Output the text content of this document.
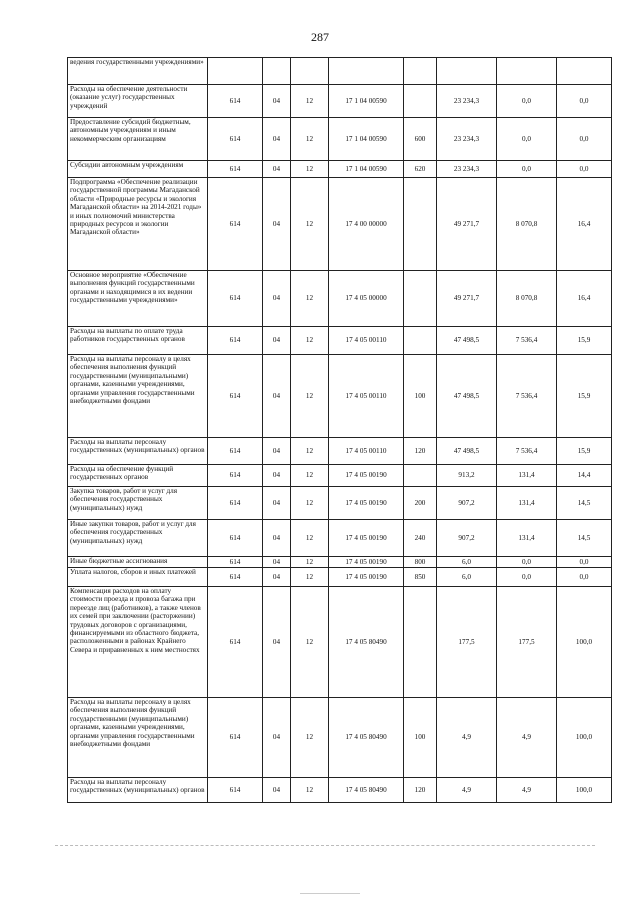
287
ведения государственными учреждениями»								
Расходы на обеспечение деятельности (оказание услуг) государственных учреждений	614	04	12	17 1 04 00590		23 234,3	0,0	0,0
Предоставление субсидий бюджетным, автономным учреждениям и иным некоммерческим организациям	614	04	12	17 1 04 00590	600	23 234,3	0,0	0,0
Субсидии автономным учреждениям	614	04	12	17 1 04 00590	620	23 234,3	0,0	0,0
Подпрограмма «Обеспечение реализации государственной программы Магаданской области «Природные ресурсы и экология Магаданской области» на 2014-2021 годы» и иных полномочий министерства природных ресурсов и экологии Магаданской области»	614	04	12	17 4 00 00000		49 271,7	8 070,8	16,4
Основное мероприятие «Обеспечение выполнения функций государственными органами и находящимися в их ведении государственными учреждениями»	614	04	12	17 4 05 00000		49 271,7	8 070,8	16,4
Расходы на выплаты по оплате труда работников государственных органов	614	04	12	17 4 05 00110		47 498,5	7 536,4	15,9
Расходы на выплаты персоналу в целях обеспечения выполнения функций государственными (муниципальными) органами, казенными учреждениями, органами управления государственными внебюджетными фондами	614	04	12	17 4 05 00110	100	47 498,5	7 536,4	15,9
Расходы на выплаты персоналу государственных (муниципальных) органов	614	04	12	17 4 05 00110	120	47 498,5	7 536,4	15,9
Расходы на обеспечение функций государственных органов	614	04	12	17 4 05 00190		913,2	131,4	14,4
Закупка товаров, работ и услуг для обеспечения государственных (муниципальных) нужд	614	04	12	17 4 05 00190	200	907,2	131,4	14,5
Иные закупки товаров, работ и услуг для обеспечения государственных (муниципальных) нужд	614	04	12	17 4 05 00190	240	907,2	131,4	14,5
Иные бюджетные ассигнования	614	04	12	17 4 05 00190	800	6,0	0,0	0,0
Уплата налогов, сборов и иных платежей	614	04	12	17 4 05 00190	850	6,0	0,0	0,0
Компенсация расходов на оплату стоимости проезда и провоза багажа при переезде лиц (работников), а также членов их семей при заключении (расторжении) трудовых договоров с организациями, финансируемыми из областного бюджета, расположенными в районах Крайнего Севера и приравненных к ним местностях	614	04	12	17 4 05 80490		177,5	177,5	100,0
Расходы на выплаты персоналу в целях обеспечения выполнения функций государственными (муниципальными) органами, казенными учреждениями, органами управления государственными внебюджетными фондами	614	04	12	17 4 05 80490	100	4,9	4,9	100,0
Расходы на выплаты персоналу государственных (муниципальных) органов	614	04	12	17 4 05 80490	120	4,9	4,9	100,0
